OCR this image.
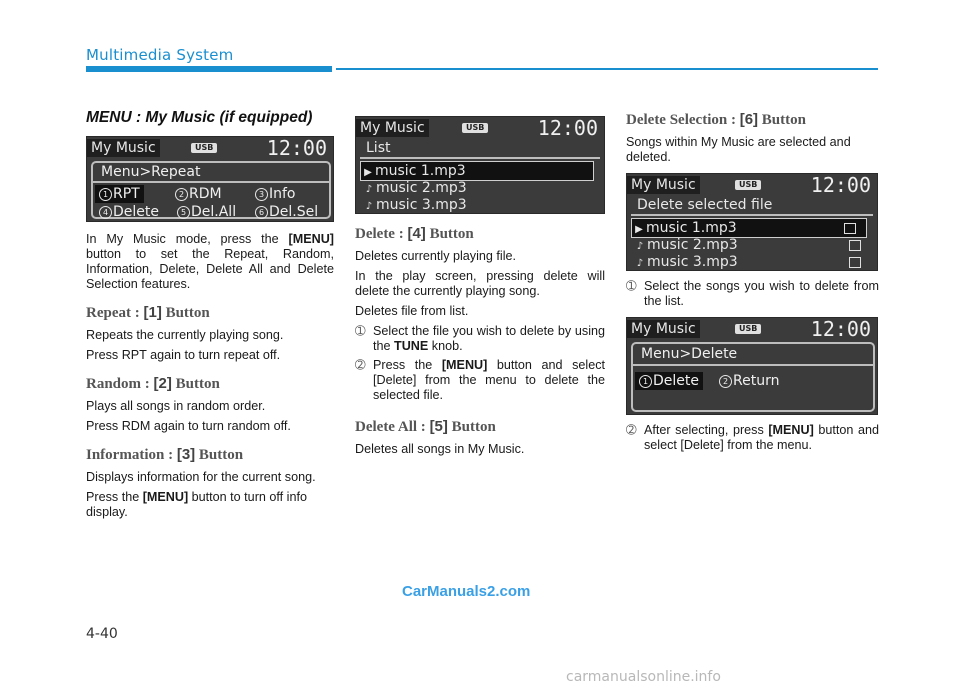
Multimedia System
MENU : My Music (if equipped)
My Music	USB	12:00
Menu>Repeat
1 RPT	2 RDM	3 Info
4 Delete	5 Del.All	6 Del.Sel

In My Music mode, press the [MENU] button to set the Repeat, Random, Information, Delete, Delete All and Delete Selection features.

Repeat : [1] Button

Repeats the currently playing song.

Press RPT again to turn repeat off.

Random : [2] Button

Plays all songs in random order.

Press RDM again to turn random off.

Information : [3] Button

Displays information for the current song.

Press the [MENU] button to turn off info display.

My Music	USB	12:00
List
▶ music 1.mp3
♪ music 2.mp3
♪ music 3.mp3
Delete : [4] Button

Deletes currently playing file.

In the play screen, pressing delete will delete the currently playing song.

Deletes file from list.

➀ Select the file you wish to delete by using the TUNE knob.
➁ Press the [MENU] button and select [Delete] from the menu to delete the selected file.
Delete All : [5] Button

Deletes all songs in My Music.

Delete Selection : [6] Button

Songs within My Music are selected and deleted.

My Music	USB	12:00
Delete selected file
▶ music 1.mp3
♪ music 2.mp3
♪ music 3.mp3
➀ Select the songs you wish to delete from the list.
My Music	USB	12:00
Menu>Delete
1 Delete	2 Return
➁ After selecting, press [MENU] button and select [Delete] from the menu.
CarManuals2.com
4-40
carmanualsonline.info
